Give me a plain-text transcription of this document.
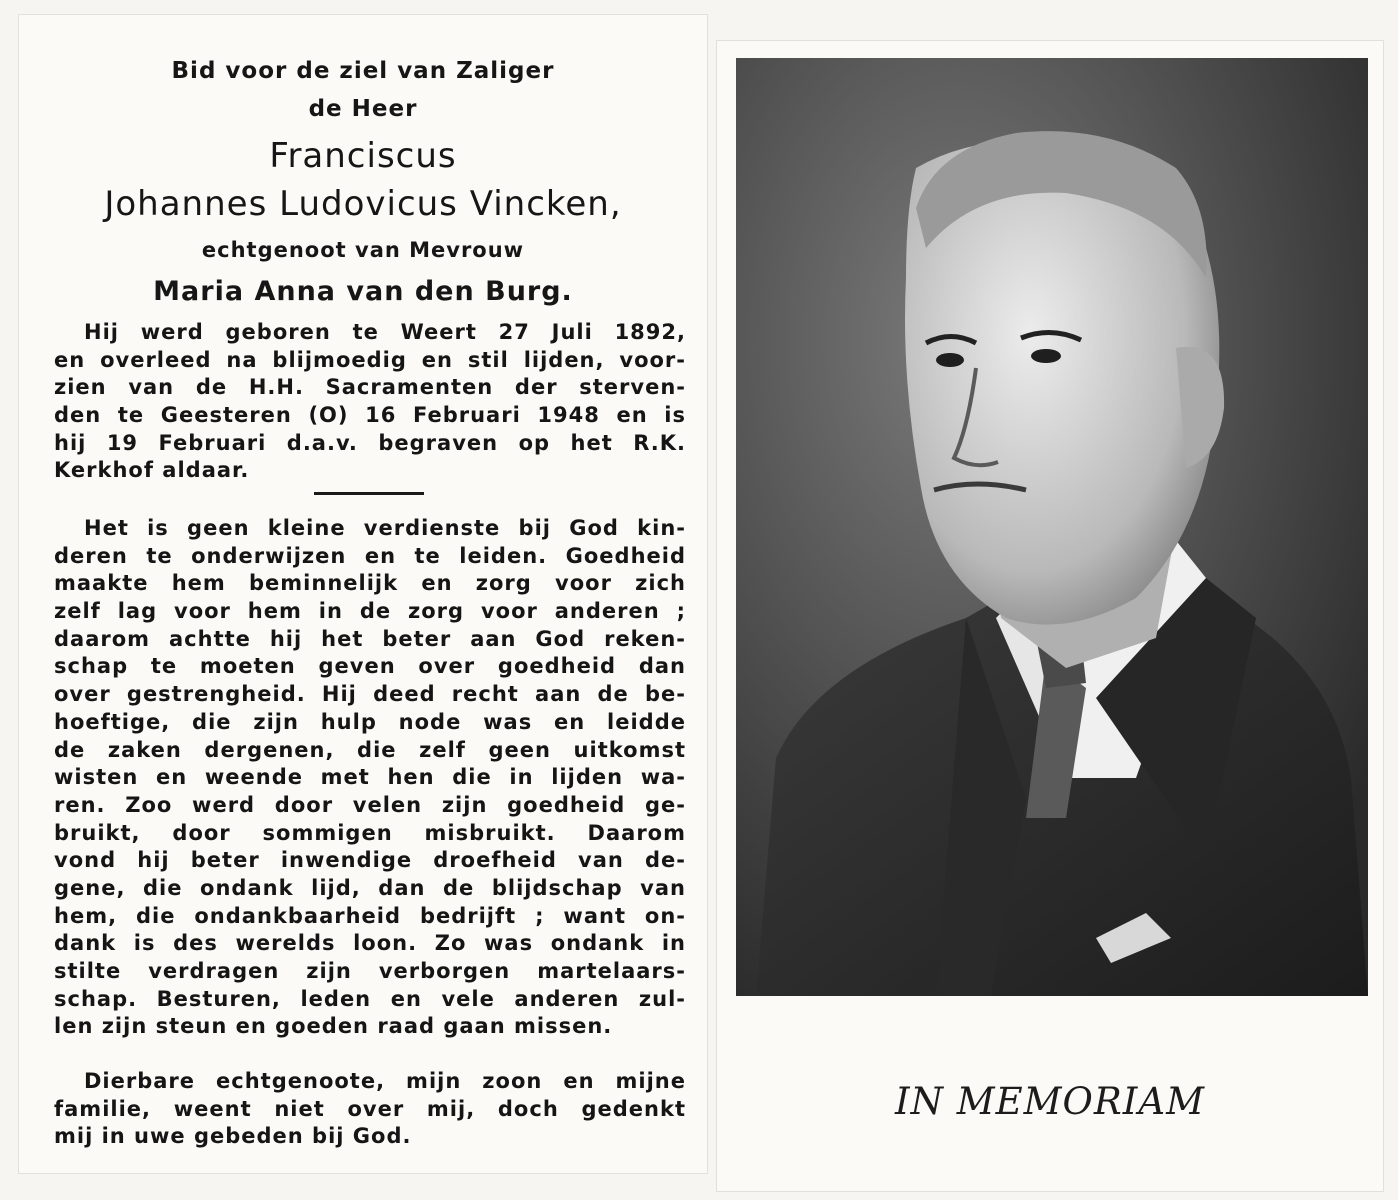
Bid voor de ziel van Zaliger
de Heer
Franciscus
Johannes Ludovicus Vincken,
echtgenoot van Mevrouw
Maria Anna van den Burg.
Hij werd geboren te Weert 27 Juli 1892,
en overleed na blijmoedig en stil lijden, voor-
zien van de H.H. Sacramenten der sterven-
den te Geesteren (O) 16 Februari 1948 en is
hij 19 Februari d.a.v. begraven op het R.K.
Kerkhof aldaar.
Het is geen kleine verdienste bij God kin-
deren te onderwijzen en te leiden. Goedheid
maakte hem beminnelijk en zorg voor zich
zelf lag voor hem in de zorg voor anderen ;
daarom achtte hij het beter aan God reken-
schap te moeten geven over goedheid dan
over gestrengheid. Hij deed recht aan de be-
hoeftige, die zijn hulp node was en leidde
de zaken dergenen, die zelf geen uitkomst
wisten en weende met hen die in lijden wa-
ren. Zoo werd door velen zijn goedheid ge-
bruikt, door sommigen misbruikt. Daarom
vond hij beter inwendige droefheid van de-
gene, die ondank lijd, dan de blijdschap van
hem, die ondankbaarheid bedrijft ; want on-
dank is des werelds loon. Zo was ondank in
stilte verdragen zijn verborgen martelaars-
schap. Besturen, leden en vele anderen zul-
len zijn steun en goeden raad gaan missen.
Dierbare echtgenoote, mijn zoon en mijne
familie, weent niet over mij, doch gedenkt
mij in uwe gebeden bij God.
IN MEMORIAM
